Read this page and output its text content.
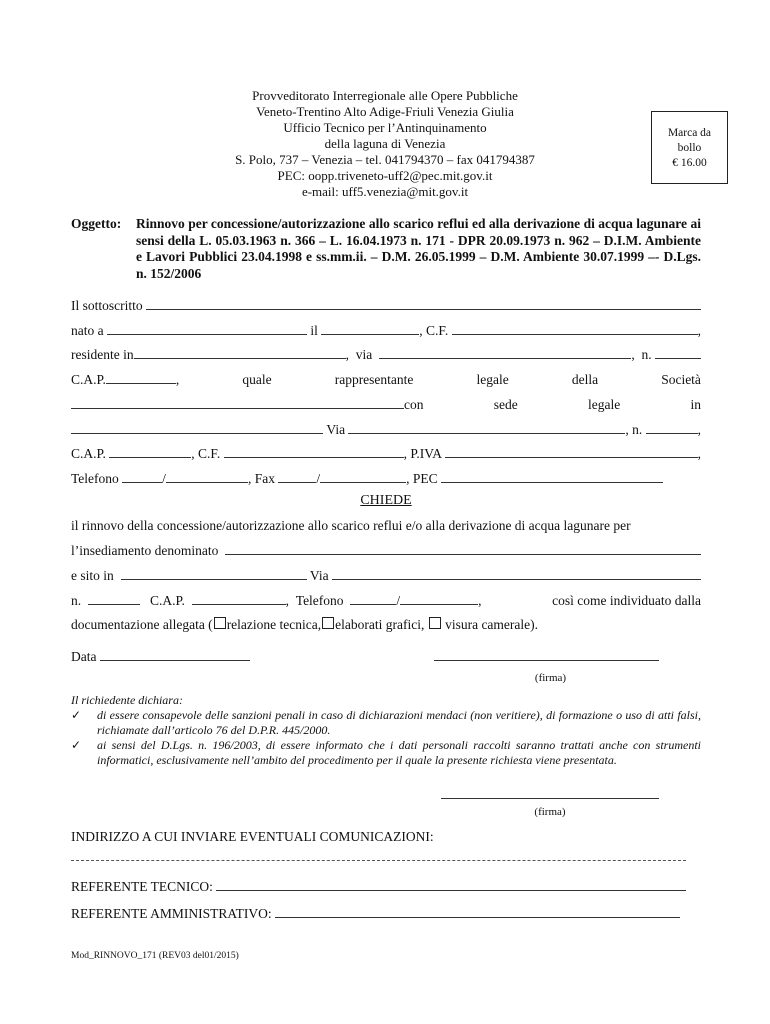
Provveditorato Interregionale alle Opere Pubbliche
Veneto-Trentino Alto Adige-Friuli Venezia Giulia
Ufficio Tecnico per l’Antinquinamento
della laguna di Venezia
S. Polo, 737 – Venezia – tel. 041794370 – fax 041794387
PEC: oopp.triveneto-uff2@pec.mit.gov.it
e-mail: uff5.venezia@mit.gov.it
Marca da
bollo
€ 16.00
Oggetto: Rinnovo per concessione/autorizzazione allo scarico reflui ed alla derivazione di acqua lagunare ai sensi della L. 05.03.1963 n. 366 – L. 16.04.1973 n. 171 - DPR 20.09.1973 n. 962 – D.I.M. Ambiente e Lavori Pubblici 23.04.1998 e ss.mm.ii. – D.M. 26.05.1999 – D.M. Ambiente 30.07.1999 –- D.Lgs. n. 152/2006
Il sottoscritto

nato a

	il
	, C.F.
	,
residente in	, via
	, n.

C.A.P.	,	quale	rappresentante	legale	della	Società
con	sede	legale	in

Via
	, n.
	,
C.A.P.
	, C.F.
	, P.IVA
	,
Telefono
	/	, Fax
	/	, PEC

CHIEDE
il rinnovo della concessione/autorizzazione allo scarico reflui e/o alla derivazione di acqua lagunare per
l’insediamento denominato

e sito in

	Via

n.

	C.A.P.
	, Telefono
	/	,	così come individuato dalla
documentazione allegata ( relazione tecnica, elaborati grafici,

visura camerale).
Data

(firma)
Il richiedente dichiara:
✓	di essere consapevole delle sanzioni penali in caso di dichiarazioni mendaci (non veritiere), di formazione o uso di atti falsi, richiamate dall’articolo 76 del D.P.R. 445/2000.
✓	ai sensi del D.Lgs. n. 196/2003, di essere informato che i dati personali raccolti saranno trattati anche con strumenti informatici, esclusivamente nell’ambito del procedimento per il quale la presente richiesta viene presentata.
(firma)
INDIRIZZO A CUI INVIARE EVENTUALI COMUNICAZIONI:
REFERENTE TECNICO:

REFERENTE AMMINISTRATIVO:

Mod_RINNOVO_171 (REV03 del01/2015)
